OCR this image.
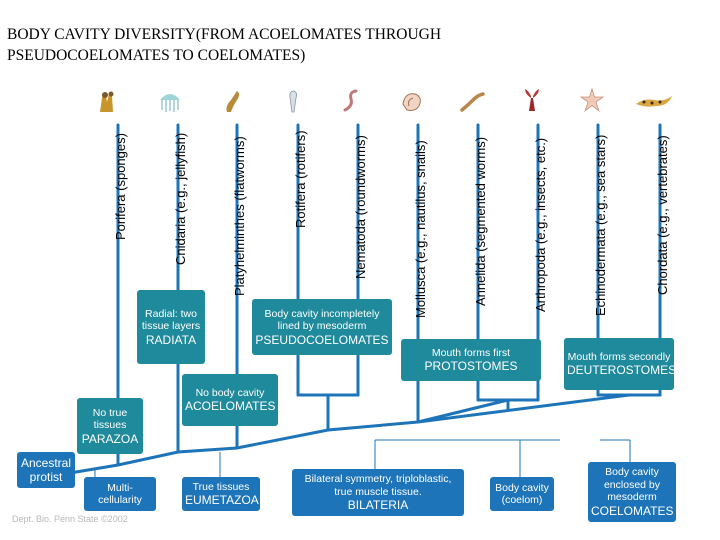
BODY CAVITY DIVERSITY(FROM ACOELOMATES THROUGH PSEUDOCOELOMATES TO COELOMATES)
Porifera (sponges)	Cnidaria (e.g., jellyfish)	Platyhelminthes (flatworms)	Rotifera (rotifers)	Nematoda (roundworms)	Mollusca (e.g., nautilus, snails)	Annelida (segmented worms)	Arthropoda (e.g., insects, etc.)	Echinodermata (e.g., sea stars)	Chordata (e.g., vertebrates)
Radial: two tissue layers
RADIATA
Body cavity incompletely lined by mesoderm
PSEUDOCOELOMATES
Mouth forms first
PROTOSTOMES
Mouth forms secondly
DEUTEROSTOMES
No body cavity
ACOELOMATES
No true tissues
PARAZOA
Ancestral protist
Multi- cellularity
True tissues
EUMETAZOA
Bilateral symmetry, triploblastic, true muscle tissue.
BILATERIA
Body cavity (coelom)
Body cavity enclosed by mesoderm
COELOMATES
Dept. Bio. Penn State ©2002
